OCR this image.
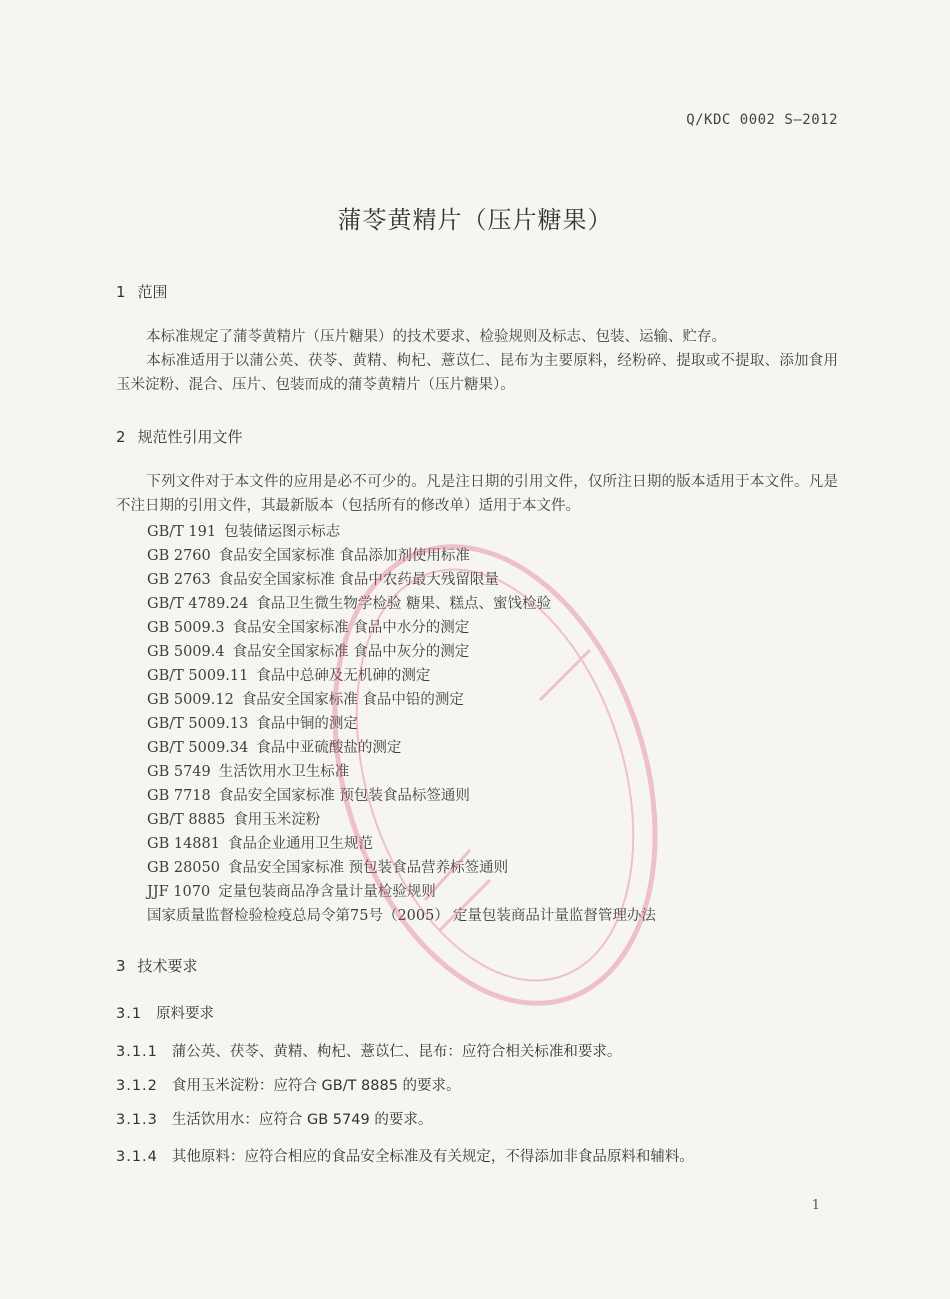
Q/KDC 0002 S—2012
蒲苓黄精片（压片糖果）
1 范围
本标准规定了蒲苓黄精片（压片糖果）的技术要求、检验规则及标志、包装、运输、贮存。
本标准适用于以蒲公英、茯苓、黄精、枸杞、薏苡仁、昆布为主要原料，经粉碎、提取或不提取、添加食用玉米淀粉、混合、压片、包装而成的蒲苓黄精片（压片糖果）。
2 规范性引用文件
下列文件对于本文件的应用是必不可少的。凡是注日期的引用文件，仅所注日期的版本适用于本文件。凡是不注日期的引用文件，其最新版本（包括所有的修改单）适用于本文件。
GB/T 191 包装储运图示标志
GB 2760 食品安全国家标准 食品添加剂使用标准
GB 2763 食品安全国家标准 食品中农药最大残留限量
GB/T 4789.24 食品卫生微生物学检验 糖果、糕点、蜜饯检验
GB 5009.3 食品安全国家标准 食品中水分的测定
GB 5009.4 食品安全国家标准 食品中灰分的测定
GB/T 5009.11 食品中总砷及无机砷的测定
GB 5009.12 食品安全国家标准 食品中铅的测定
GB/T 5009.13 食品中铜的测定
GB/T 5009.34 食品中亚硫酸盐的测定
GB 5749 生活饮用水卫生标准
GB 7718 食品安全国家标准 预包装食品标签通则
GB/T 8885 食用玉米淀粉
GB 14881 食品企业通用卫生规范
GB 28050 食品安全国家标准 预包装食品营养标签通则
JJF 1070 定量包装商品净含量计量检验规则
国家质量监督检验检疫总局令第75号（2005） 定量包装商品计量监督管理办法
3 技术要求
3.1 原料要求
3.1.1 蒲公英、茯苓、黄精、枸杞、薏苡仁、昆布：应符合相关标准和要求。
3.1.2 食用玉米淀粉：应符合 GB/T 8885 的要求。
3.1.3 生活饮用水：应符合 GB 5749 的要求。
3.1.4 其他原料：应符合相应的食品安全标准及有关规定，不得添加非食品原料和辅料。
1
